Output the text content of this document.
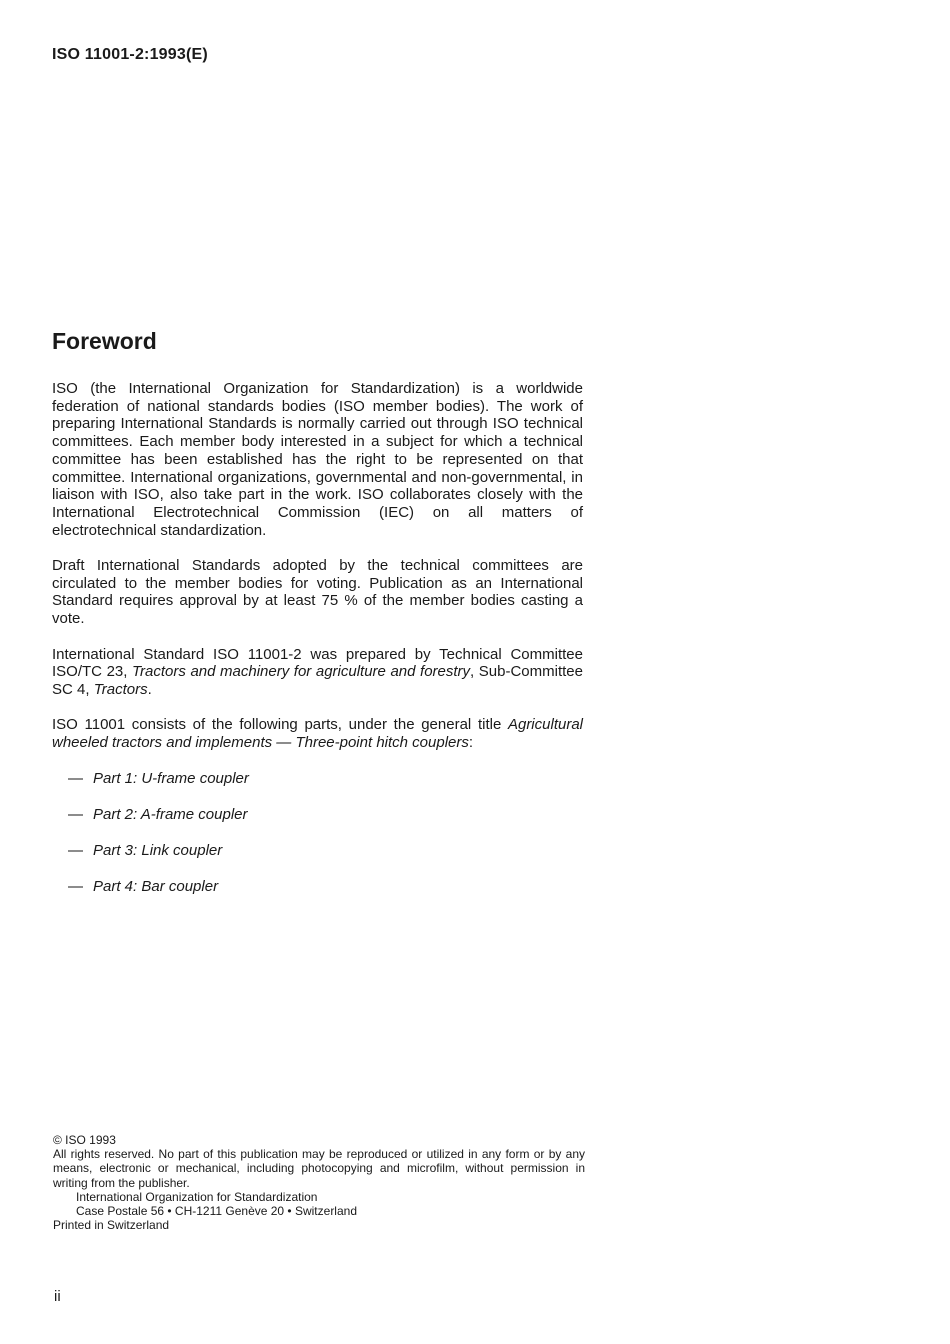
ISO 11001-2:1993(E)

Foreword

ISO (the International Organization for Standardization) is a worldwide federation of national standards bodies (ISO member bodies). The work of preparing International Standards is normally carried out through ISO technical committees. Each member body interested in a subject for which a technical committee has been established has the right to be represented on that committee. International organizations, governmental and non-governmental, in liaison with ISO, also take part in the work. ISO collaborates closely with the International Electrotechnical Commission (IEC) on all matters of electrotechnical standardization.

Draft International Standards adopted by the technical committees are circulated to the member bodies for voting. Publication as an International Standard requires approval by at least 75 % of the member bodies casting a vote.

International Standard ISO 11001-2 was prepared by Technical Committee ISO/TC 23, Tractors and machinery for agriculture and forestry, Sub-Committee SC 4, Tractors.

ISO 11001 consists of the following parts, under the general title Agricultural wheeled tractors and implements — Three-point hitch couplers:

— Part 1: U-frame coupler
— Part 2: A-frame coupler
— Part 3: Link coupler
— Part 4: Bar coupler

© ISO 1993

All rights reserved. No part of this publication may be reproduced or utilized in any form or by any means, electronic or mechanical, including photocopying and microfilm, without permission in writing from the publisher.

International Organization for Standardization

Case Postale 56 • CH-1211 Genève 20 • Switzerland

Printed in Switzerland

ii
